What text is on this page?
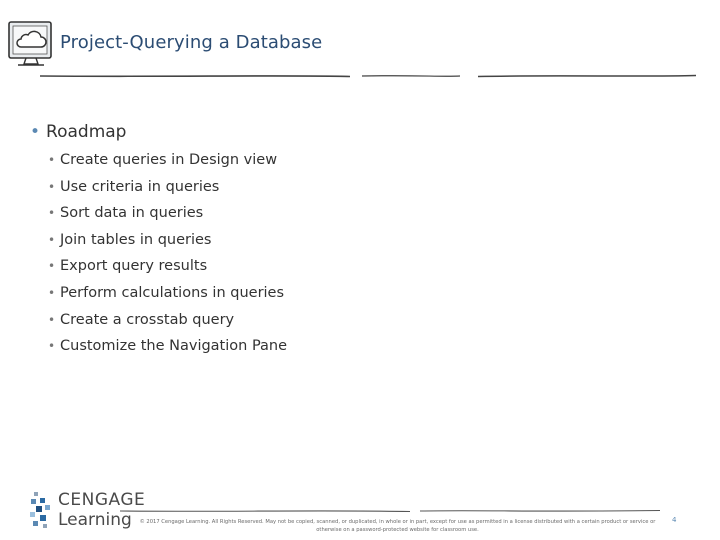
Project-Querying a Database
• Roadmap
• Create queries in Design view
• Use criteria in queries
• Sort data in queries
• Join tables in queries
• Export query results
• Perform calculations in queries
• Create a crosstab query
• Customize the Navigation Pane
CENGAGE
Learning	© 2017 Cengage Learning. All Rights Reserved. May not be copied, scanned, or duplicated, in whole or in part, except for use as permitted in a license distributed with a certain product or service or otherwise on a password-protected website for classroom use.
4
